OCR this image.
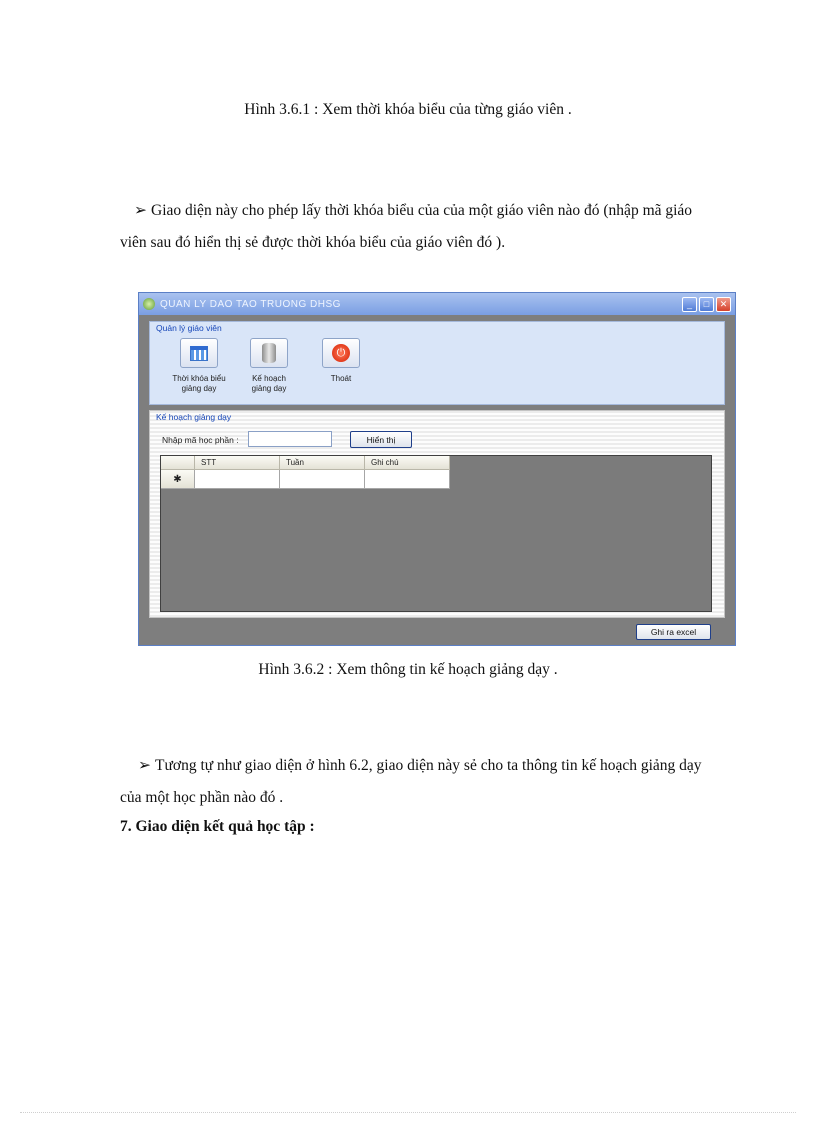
Hình 3.6.1 : Xem thời khóa biểu của từng giáo viên .
➢ Giao diện này cho phép lấy thời khóa biểu của của một giáo viên nào đó (nhập mã giáo
viên sau đó hiển thị sẻ được thời khóa biểu của giáo viên đó ).
QUAN LY DAO TAO TRUONG DHSG	_	□	✕
Quản lý giáo viên
Thời khóa biểu
giảng dạy
Kế hoạch
giảng dạy
⏻
Thoát
Kế hoạch giảng dạy
Nhập mã học phần :	Hiển thị
STT	Tuần	Ghi chú
✱
Ghi ra excel
Hình 3.6.2 : Xem thông tin kế hoạch giảng dạy .
➢ Tương tự như giao diện ở hình 6.2, giao diện này sẻ cho ta thông tin kế hoạch giảng dạy
của một học phần nào đó .
7. Giao diện kết quả học tập :
